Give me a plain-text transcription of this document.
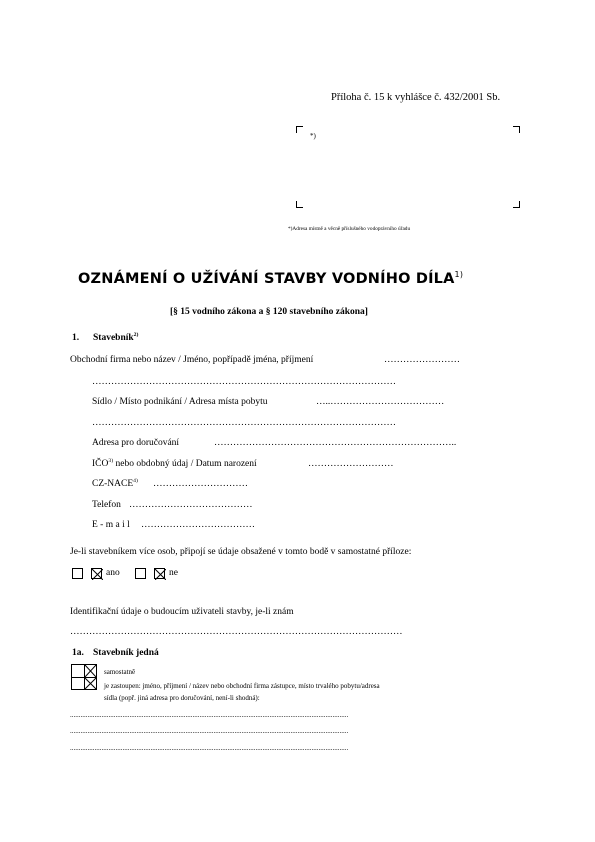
Příloha č. 15 k vyhlášce č. 432/2001 Sb.
*)
*)Adresa místně a věcně příslušného vodoprávního úřadu
OZNÁMENÍ O UŽÍVÁNÍ STAVBY VODNÍHO DÍLA$^{1)}$
[§ 15 vodního zákona a § 120 stavebního zákona]
1. Stavebník$^{2)}$
Obchodní firma nebo název / Jméno, popřípadě jména, příjmení	……………………
……………………………………………………………………………………
Sídlo / Místo podnikání / Adresa místa pobytu	…..………………………………
……………………………………………………………………………………
Adresa pro doručování	…………………………………………………………………..
IČO$^{3)}$ nebo obdobný údaj / Datum narození	………………………
CZ-NACE$^{4)}$ …………………………
Telefon …………………………………
E - m a i l ………………………………
Je-li stavebníkem více osob, připojí se údaje obsažené v tomto bodě v samostatné příloze:
ano	ne
Identifikační údaje o budoucím uživateli stavby, je-li znám
……………………………………………………………………………………………
1a. Stavebník jedná
samostatně
je zastoupen: jméno, příjmení / název nebo obchodní firma zástupce, místo trvalého pobytu/adresa
sídla (popř. jiná adresa pro doručování, není-li shodná):
...............................................................................................................................................................
...............................................................................................................................................................
...............................................................................................................................................................
